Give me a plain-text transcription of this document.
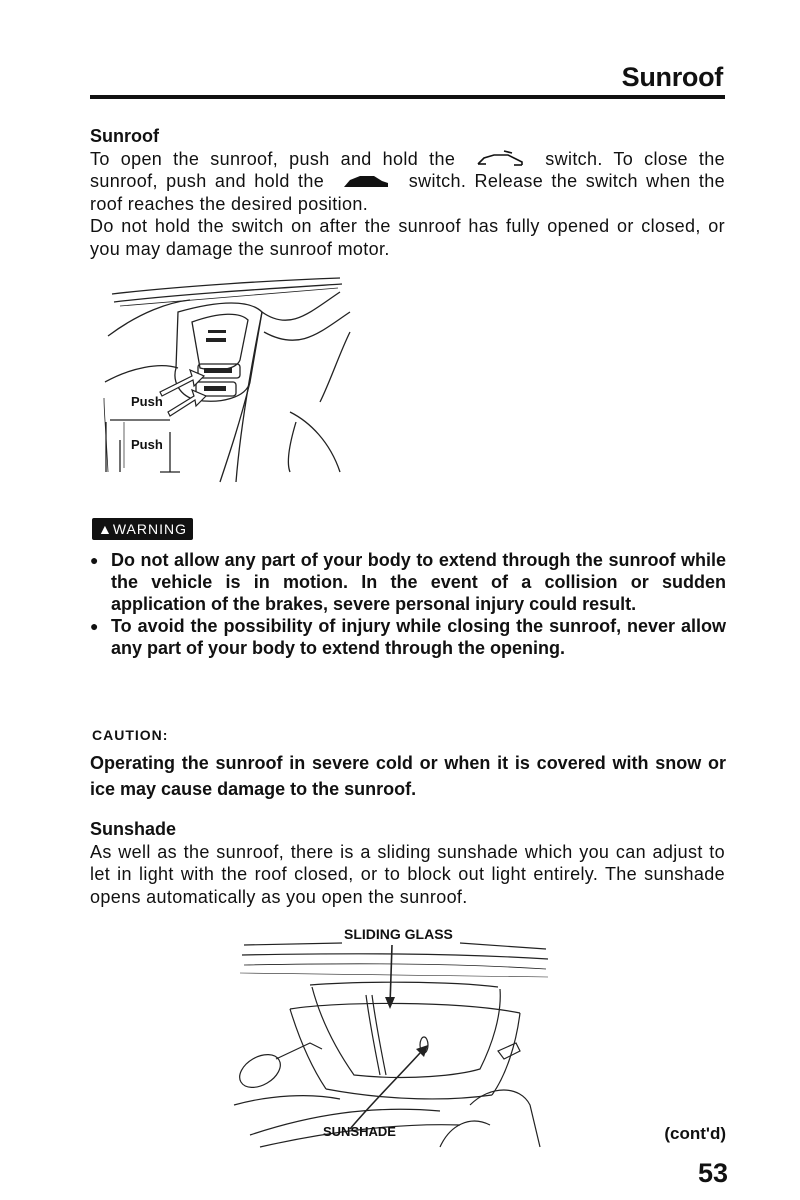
Sunroof
Sunroof
To open the sunroof, push and hold the	switch. To close the sunroof, push and hold the	switch. Release the switch when the roof reaches the desired position.
Do not hold the switch on after the sunroof has fully opened or closed, or you may damage the sunroof motor.
Push
Push
▲WARNING
● Do not allow any part of your body to extend through the sunroof while the vehicle is in motion. In the event of a collision or sudden application of the brakes, severe personal injury could result.
● To avoid the possibility of injury while closing the sunroof, never allow any part of your body to extend through the opening.
CAUTION:
Operating the sunroof in severe cold or when it is covered with snow or ice may cause damage to the sunroof.
Sunshade
As well as the sunroof, there is a sliding sunshade which you can adjust to let in light with the roof closed, or to block out light entirely. The sunshade opens automatically as you open the sunroof.
SLIDING GLASS
SUNSHADE	(cont'd)
53
